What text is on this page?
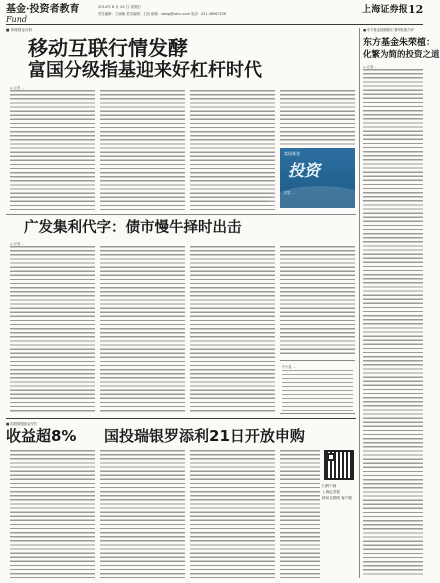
基金·投资者教育	2014年 8 月 24 日 星期日
责任编辑：王晓敏 美术编辑：王凯 邮箱：sbwg@sohu.com 电话：021-38967538	上海证券报 12
Fund
■ 首席基金分析
移动互联行情发酵
富国分级指基迎来好杠杆时代
◎ 记者 …
富国基金
投资
国富 …
广发集利代字：债市慢牛择时出击
◎ 记者 …
中小盘 …
■ 国投瑞银基金专栏
收益超8% 国投瑞银罗添利21日开放申购
扫码下载
上海证券报
移动互联网 客户端
■ 东方基金投研团队“看明发展方向”
东方基金朱荣植：
化繁为简的投资之道
◎ 记者 …
